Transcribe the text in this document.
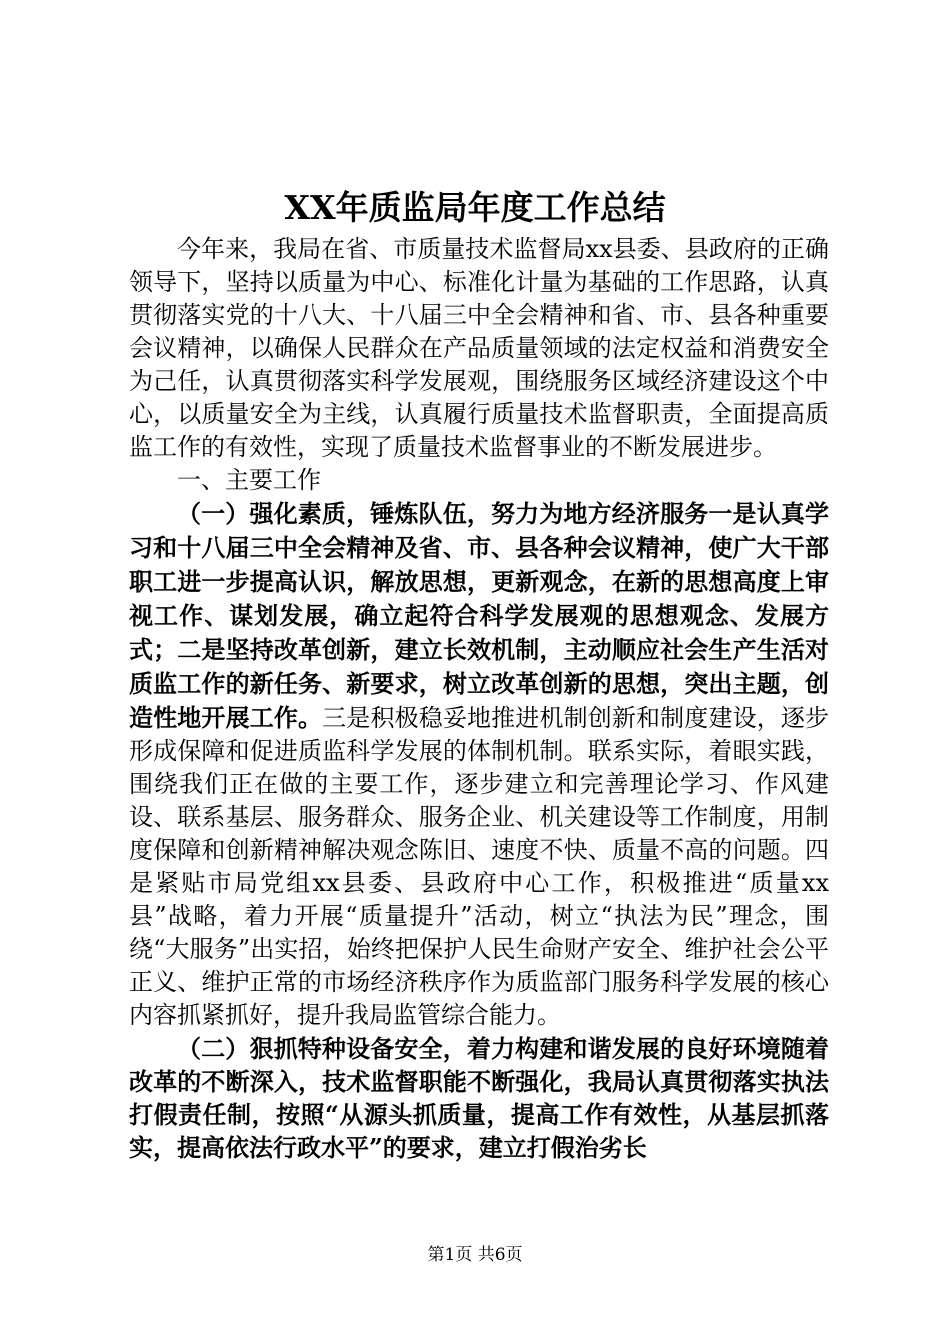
XX年质监局年度工作总结

今年来，我局在省、市质量技术监督局xx县委、县政府的正确领导下，坚持以质量为中心、标准化计量为基础的工作思路，认真贯彻落实党的十八大、十八届三中全会精神和省、市、县各种重要会议精神，以确保人民群众在产品质量领域的法定权益和消费安全为己任，认真贯彻落实科学发展观，围绕服务区域经济建设这个中心，以质量安全为主线，认真履行质量技术监督职责，全面提高质监工作的有效性，实现了质量技术监督事业的不断发展进步。

一、主要工作

（一）强化素质，锤炼队伍，努力为地方经济服务一是认真学习和十八届三中全会精神及省、市、县各种会议精神，使广大干部职工进一步提高认识，解放思想，更新观念，在新的思想高度上审视工作、谋划发展，确立起符合科学发展观的思想观念、发展方式；二是坚持改革创新，建立长效机制，主动顺应社会生产生活对质监工作的新任务、新要求，树立改革创新的思想，突出主题，创造性地开展工作。三是积极稳妥地推进机制创新和制度建设，逐步形成保障和促进质监科学发展的体制机制。联系实际，着眼实践，围绕我们正在做的主要工作，逐步建立和完善理论学习、作风建设、联系基层、服务群众、服务企业、机关建设等工作制度，用制度保障和创新精神解决观念陈旧、速度不快、质量不高的问题。四是紧贴市局党组xx县委、县政府中心工作，积极推进“质量xx县”战略，着力开展“质量提升”活动，树立“执法为民”理念，围绕“大服务”出实招，始终把保护人民生命财产安全、维护社会公平正义、维护正常的市场经济秩序作为质监部门服务科学发展的核心内容抓紧抓好，提升我局监管综合能力。

（二）狠抓特种设备安全，着力构建和谐发展的良好环境随着改革的不断深入，技术监督职能不断强化，我局认真贯彻落实执法打假责任制，按照“从源头抓质量，提高工作有效性，从基层抓落实，提高依法行政水平”的要求，建立打假治劣长

第1页 共6页
